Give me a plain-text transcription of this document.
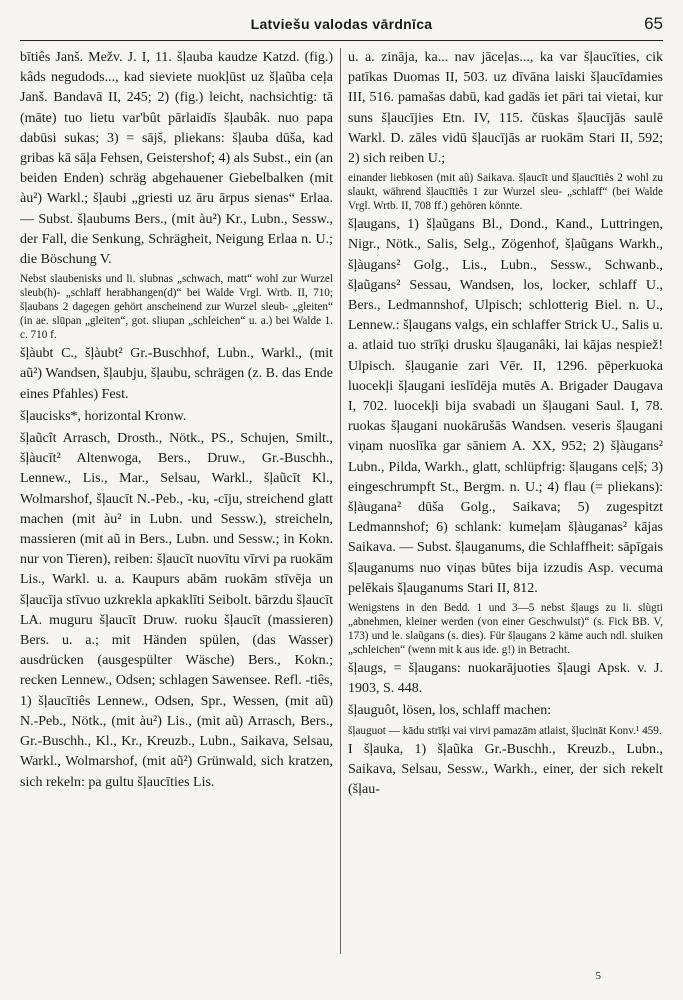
Latviešu valodas vārdnīca	65

bītiês Janš. Mežv. J. I, 11. šļauba kaudze Katzd. (fig.) kâds negudods..., kad sieviete nuokļūst uz šļaũba ceļa Janš. Bandavā II, 245; 2) (fig.) leicht, nachsichtig: tā (māte) tuo lietu var'bût pārlaidīs šļaubâk. nuo papa dabūsi sukas; 3) = sājš, pliekans: šļauba dūša, kad gribas kā sāļa Fehsen, Geistershof; 4) als Subst., ein (an beiden Enden) schräg abgehauener Giebelbalken (mit àu²) Warkl.; šļaubi „griesti uz āru ārpus sienas“ Erlaa. — Subst. šļaubums Bers., (mit àu²) Kr., Lubn., Sessw., der Fall, die Senkung, Schrägheit, Neigung Erlaa n. U.; die Böschung V.

Nebst slaubenisks und li. slubnas „schwach, matt“ wohl zur Wurzel sleub(h)- „schlaff herabhangen(d)“ bei Walde Vrgl. Wrtb. II, 710; šļaubans 2 dagegen gehört anscheinend zur Wurzel sleub- „gleiten“ (in ae. slūpan „gleiten“, got. sliupan „schleichen“ u. a.) bei Walde 1. c. 710 f.

šļàubt C., šļàubt² Gr.-Buschhof, Lubn., Warkl., (mit aũ²) Wandsen, šļaubju, šļaubu, schrägen (z. B. das Ende eines Pfahles) Fest.

šļaucisks*, horizontal Kronw.

šļaũcît Arrasch, Drosth., Nötk., PS., Schujen, Smilt., šļàucīt² Altenwoga, Bers., Druw., Gr.-Buschh., Lennew., Lis., Mar., Selsau, Warkl., šļaũcīt Kl., Wolmarshof, šļaucīt N.-Peb., -ku, -cīju, streichend glatt machen (mit àu² in Lubn. und Sessw.), streicheln, massieren (mit aũ in Bers., Lubn. und Sessw.; in Kokn. nur von Tieren), reiben: šļaucīt nuovītu vīrvi pa ruokām Lis., Warkl. u. a. Kaupurs abām ruokām stīvēja un šļaucīja stīvuo uzkrekla apkaklīti Seibolt. bārzdu šļaucīt LA. muguru šļaucīt Druw. ruoku šļaucīt (massieren) Bers. u. a.; mit Händen spülen, (das Wasser) ausdrücken (ausgespülter Wäsche) Bers., Kokn.; recken Lennew., Odsen; schlagen Sawensee. Refl. -tiês, 1) šļaucītiês Lennew., Odsen, Spr., Wessen, (mit aũ) N.-Peb., Nötk., (mit àu²) Lis., (mit aũ) Arrasch, Bers., Gr.-Buschh., Kl., Kr., Kreuzb., Lubn., Saikava, Selsau, Warkl., Wolmarshof, (mit aũ²) Grünwald, sich kratzen, sich rekeln: pa gultu šļaucīties Lis.

u. a. zināja, ka... nav jāceļas..., ka var šļaucīties, cik patīkas Duomas II, 503. uz dīvāna laiski šļaucīdamies III, 516. pamašas dabū, kad gadās iet pāri tai vietai, kur suns šļaucījies Etn. IV, 115. čūskas šļaucījās saulē Warkl. D. zāles vidū šļaucījās ar ruokām Stari II, 592; 2) sich reiben U.;

einander liebkosen (mit aũ) Saikava. šļaucīt und šļaucītiês 2 wohl zu slaukt, während šļaucītiês 1 zur Wurzel sleu- „schlaff“ (bei Walde Vrgl. Wrtb. II, 708 ff.) gehören könnte.

šļaugans, 1) šļaũgans Bl., Dond., Kand., Luttringen, Nigr., Nötk., Salis, Selg., Zögenhof, šļaũgans Warkh., šļàugans² Golg., Lis., Lubn., Sessw., Schwanb., šļaũgans² Sessau, Wandsen, los, locker, schlaff U., Bers., Ledmannshof, Ulpisch; schlotterig Biel. n. U., Lennew.: šļaugans valgs, ein schlaffer Strick U., Salis u. a. atlaid tuo strīķi drusku šļauganâki, lai kājas nespiež! Ulpisch. šļauganie zari Vēr. II, 1296. pēperkuoka luocekļi šļaugani ieslīdēja mutēs A. Brigader Daugava I, 702. luocekļi bija svabadi un šļaugani Saul. I, 78. ruokas šļaugani nuokārušās Wandsen. veseris šļaugani viņam nuoslīka gar sāniem A. XX, 952; 2) šļàugans² Lubn., Pilda, Warkh., glatt, schlüpfrig: šļaugans ceļš; 3) eingeschrumpft St., Bergm. n. U.; 4) flau (= pliekans): šļàugana² dūša Golg., Saikava; 5) zugespitzt Ledmannshof; 6) schlank: kumeļam šļàuganas² kājas Saikava. — Subst. šļauganums, die Schlaffheit: sāpīgais šļauganums nuo viņas būtes bija izzudis Asp. vecuma pelēkais šļauganums Stari II, 812.

Wenigstens in den Bedd. 1 und 3—5 nebst šļaugs zu li. slùgti „abnehmen, kleiner werden (von einer Geschwulst)“ (s. Fick BB. V, 173) und le. slaũgans (s. dies). Für šļaugans 2 käme auch ndl. sluiken „schleichen“ (wenn mit k aus ide. g!) in Betracht.

šļaugs, = šļaugans: nuokarājuoties šļaugi Apsk. v. J. 1903, S. 448.

šļauguôt, lösen, los, schlaff machen:

šļauguot — kādu strīķi vai virvi pamazām atlaist, šļucināt Konv.¹ 459.

I šļauka, 1) šļaũka Gr.-Buschh., Kreuzb., Lubn., Saikava, Selsau, Sessw., Warkh., einer, der sich rekelt (šļau-

5
